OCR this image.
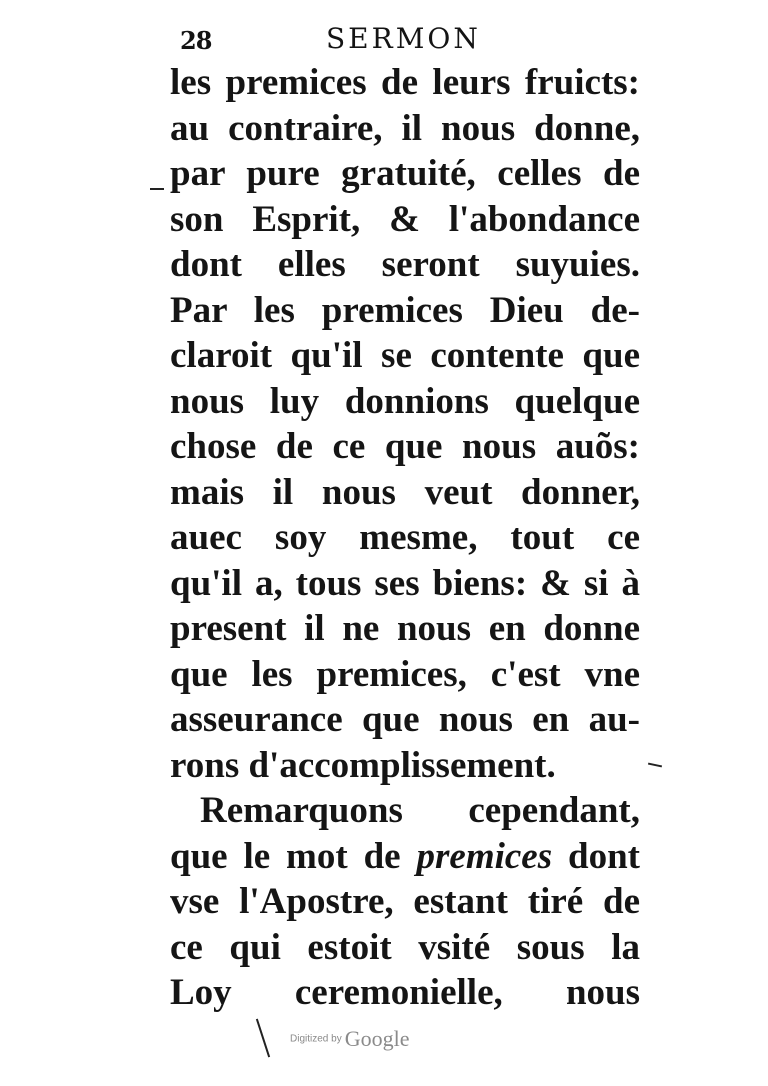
28	SERMON
les premices de leurs fruicts:
au contraire, il nous donne,
par pure gratuité, celles de
son Esprit, & l'abondance
dont elles seront suyuies.
Par les premices Dieu de-
claroit qu'il se contente que
nous luy donnions quelque
chose de ce que nous auõs:
mais il nous veut donner,
auec soy mesme, tout ce
qu'il a, tous ses biens: & si à
present il ne nous en donne
que les premices, c'est vne
asseurance que nous en au-
rons d'accomplissement.
Remarquons cependant,
que le mot de premices dont
vse l'Apostre, estant tiré de
ce qui estoit vsité sous la
Loy ceremonielle, nous
Digitized by Google
